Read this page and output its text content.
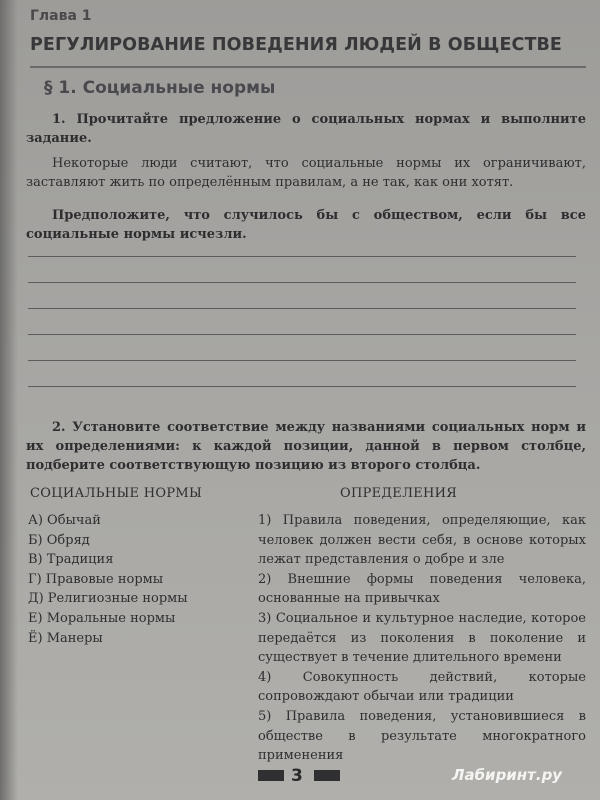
Глава 1
РЕГУЛИРОВАНИЕ ПОВЕДЕНИЯ ЛЮДЕЙ В ОБЩЕСТВЕ
§ 1. Социальные нормы
1. Прочитайте предложение о социальных нормах и выполните задание.
Некоторые люди считают, что социальные нормы их ограничивают, заставляют жить по определённым правилам, а не так, как они хотят.
Предположите, что случилось бы с обществом, если бы все социальные нормы исчезли.
2. Установите соответствие между названиями социальных норм и их определениями: к каждой позиции, данной в первом столбце, подберите соответствующую позицию из второго столбца.
СОЦИАЛЬНЫЕ НОРМЫ	ОПРЕДЕЛЕНИЯ
А) Обычай
Б) Обряд
В) Традиция
Г) Правовые нормы
Д) Религиозные нормы
Е) Моральные нормы
Ё) Манеры

1) Правила поведения, определяющие, как человек должен вести себя, в основе которых лежат представления о добре и зле

2) Внешние формы поведения человека, основанные на привычках

3) Социальное и культурное наследие, которое передаётся из поколения в поколение и существует в течение длительного времени

4) Совокупность действий, которые сопровождают обычаи или традиции

5) Правила поведения, установившиеся в обществе в результате многократного применения

3	Лабиринт.ру
